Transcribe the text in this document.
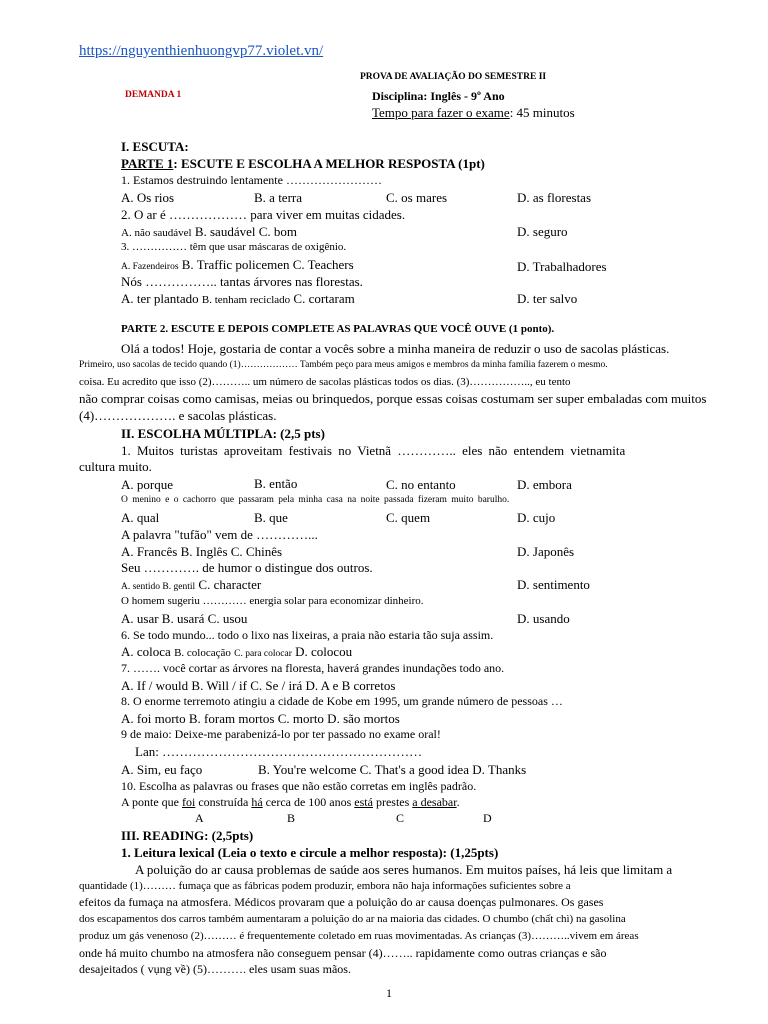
https://nguyenthienhuongvp77.violet.vn/
PROVA DE AVALIAÇÃO DO SEMESTRE II
DEMANDA 1	Disciplina: Inglês - 9º Ano
Tempo para fazer o exame: 45 minutos
I. ESCUTA:
PARTE 1: ESCUTE E ESCOLHA A MELHOR RESPOSTA (1pt)
1. Estamos destruindo lentamente ……………………
A. Os rios	B. a terra	C. os mares	D. as florestas
2. O ar é ……………… para viver em muitas cidades.
A. não saudável B. saudável C. bom	D. seguro
3. …………… têm que usar máscaras de oxigênio.
A. Fazendeiros B. Traffic policemen C. Teachers	D. Trabalhadores
Nós …………….. tantas árvores nas florestas.
A. ter plantado B. tenham reciclado C. cortaram	D. ter salvo
PARTE 2. ESCUTE E DEPOIS COMPLETE AS PALAVRAS QUE VOCÊ OUVE (1 ponto).
Olá a todos! Hoje, gostaria de contar a vocês sobre a minha maneira de reduzir o uso de sacolas plásticas.
Primeiro, uso sacolas de tecido quando (1)……………… Também peço para meus amigos e membros da minha família fazerem o mesmo.
coisa. Eu acredito que isso (2)……….. um número de sacolas plásticas todos os dias. (3)…………….., eu tento
não comprar coisas como camisas, meias ou brinquedos, porque essas coisas costumam ser super embaladas com muitos
(4)………………. e sacolas plásticas.
II. ESCOLHA MÚLTIPLA: (2,5 pts)
1. Muitos turistas aproveitam festivais no Vietnã ………….. eles não entendem vietnamita
cultura muito.
A. porque	B. então	C. no entanto	D. embora
O menino e o cachorro que passaram pela minha casa na noite passada fizeram muito barulho.
A. qual	B. que	C. quem	D. cujo
A palavra "tufão" vem de …………...
A. Francês B. Inglês C. Chinês	D. Japonês
Seu …………. de humor o distingue dos outros.
A. sentido B. gentil C. character	D. sentimento
O homem sugeriu ………… energia solar para economizar dinheiro.
A. usar B. usará C. usou	D. usando
6. Se todo mundo... todo o lixo nas lixeiras, a praia não estaria tão suja assim.
A. coloca B. colocação C. para colocar D. colocou
7. ……. você cortar as árvores na floresta, haverá grandes inundações todo ano.
A. If / would B. Will / if C. Se / irá D. A e B corretos
8. O enorme terremoto atingiu a cidade de Kobe em 1995, um grande número de pessoas …
A. foi morto B. foram mortos C. morto D. são mortos
9 de maio: Deixe-me parabenizá-lo por ter passado no exame oral!
Lan: ……………………………………………………
A. Sim, eu faço	B. You're welcome C. That's a good idea D. Thanks
10. Escolha as palavras ou frases que não estão corretas em inglês padrão.
A ponte que foi construída há cerca de 100 anos está prestes a desabar.
A	B	C	D
III. READING: (2,5pts)
1. Leitura lexical (Leia o texto e circule a melhor resposta): (1,25pts)
A poluição do ar causa problemas de saúde aos seres humanos. Em muitos países, há leis que limitam a
quantidade (1)……… fumaça que as fábricas podem produzir, embora não haja informações suficientes sobre a
efeitos da fumaça na atmosfera. Médicos provaram que a poluição do ar causa doenças pulmonares. Os gases
dos escapamentos dos carros também aumentaram a poluição do ar na maioria das cidades. O chumbo (chất chì) na gasolina
produz um gás venenoso (2)……… é frequentemente coletado em ruas movimentadas. As crianças (3)………..vivem em áreas
onde há muito chumbo na atmosfera não conseguem pensar (4)…….. rapidamente como outras crianças e são
desajeitados ( vụng về) (5)………. eles usam suas mãos.
1
